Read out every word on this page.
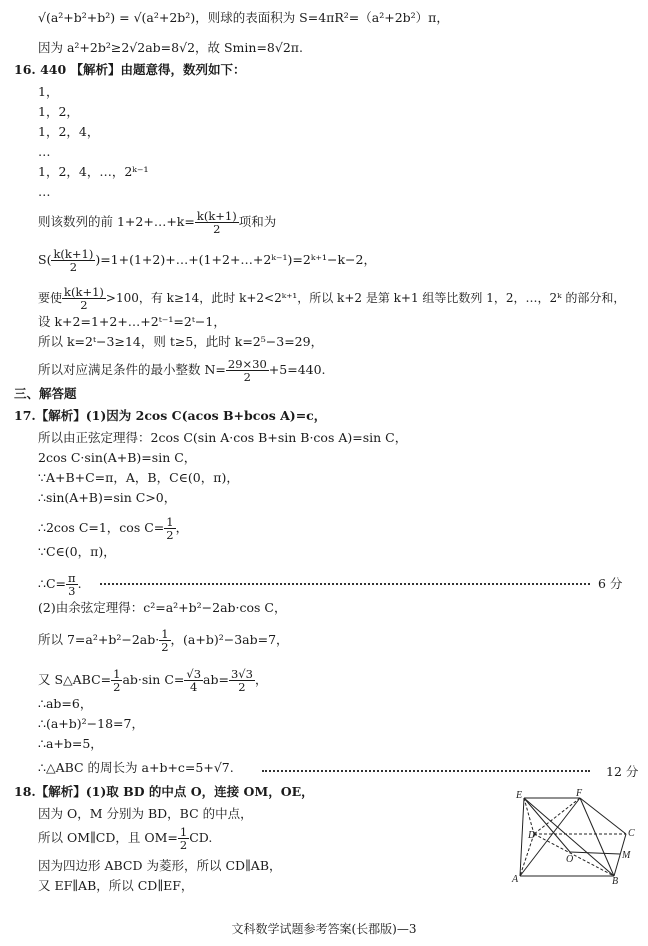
√(a²+b²+b²) = √(a²+2b²)，则球的表面积为 S=4πR²=（a²+2b²）π，
因为 a²+2b²≥2√2ab=8√2，故 Smin=8√2π.
16. 440 【解析】由题意得，数列如下：
1，
1，2，
1，2，4，
…
1，2，4，…，2ᵏ⁻¹
…
则该数列的前 1+2+…+k= $\frac{k(k+1)}{2}$ 项和为
$S( \frac{k(k+1)}{2}$ )=1+(1+2)+…+(1+2+…+2ᵏ⁻¹)=2ᵏ⁺¹−k−2，
要使 $\frac{k(k+1)}{2} >100$，有 k≥14，此时 k+2<2ᵏ⁺¹，所以 k+2 是第 k+1 组等比数列 1，2，…，2ᵏ 的部分和，
设 k+2=1+2+…+2ᵗ⁻¹=2ᵗ−1，
所以 k=2ᵗ−3≥14，则 t≥5，此时 k=2⁵−3=29，
所以对应满足条件的最小整数 $N= \frac{29\times 30}{2} +5=440$.
三、解答题
17.【解析】(1)因为 2cos C(acos B+bcos A)=c，
所以由正弦定理得：2cos C(sin A·cos B+sin B·cos A)=sin C，
2cos C·sin(A+B)=sin C，
∵A+B+C=π，A，B，C∈(0，π)，
∴sin(A+B)=sin C>0，
∴2cos C=1，$\cos C= \frac{1}{2}$ ，
∵C∈(0，π)，
∴C= $\frac{\pi}{3}$ .	6 分
(2)由余弦定理得：c²=a²+b²−2ab·cos C，
所以 $7=a^2+b^2-2ab\cdot \frac{1}{2}$ ，(a+b)²−3ab=7，
又 S△ABC= $\frac{1}{2} ab\cdot\sin$ $C= \frac{√3}{4} ab= \frac{3√3}{2}$ ，
∴ab=6，
∴(a+b)²−18=7，
∴a+b=5，
∴△ABC 的周长为 a+b+c=5+√7.	12 分
18.【解析】(1)取 BD 的中点 O，连接 OM，OE，
因为 O，M 分别为 BD，BC 的中点，
所以 OM∥CD，且 $OM= \frac{1}{2}$ CD.
因为四边形 ABCD 为菱形，所以 CD∥AB，
又 EF∥AB，所以 CD∥EF，
E	F
D	C
O	M
A	B
文科数学试题参考答案(长郡版)—3
